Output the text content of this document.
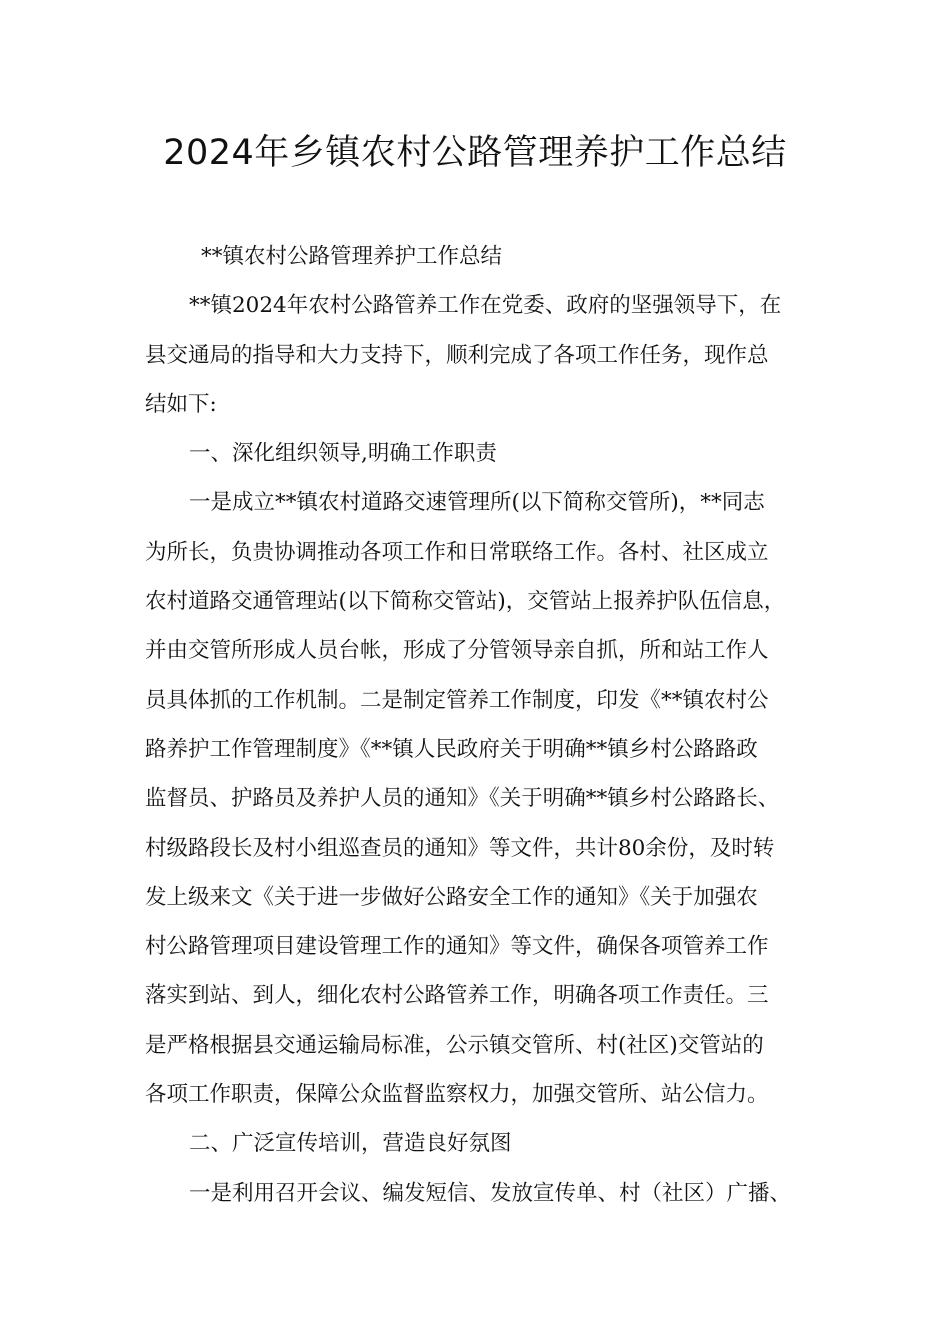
2024年乡镇农村公路管理养护工作总结
**镇农村公路管理养护工作总结
**镇2024年农村公路管养工作在党委、政府的坚强领导下，在
县交通局的指导和大力支持下，顺利完成了各项工作任务，现作总
结如下:
一、深化组织领导,明确工作职责
一是成立**镇农村道路交速管理所(以下简称交管所)，**同志
为所长，负贵协调推动各项工作和日常联络工作。各村、社区成立
农村道路交通管理站(以下简称交管站)，交管站上报养护队伍信息，
并由交管所形成人员台帐，形成了分管领导亲自抓，所和站工作人
员具体抓的工作机制。二是制定管养工作制度，印发《**镇农村公
路养护工作管理制度》《**镇人民政府关于明确**镇乡村公路路政
监督员、护路员及养护人员的通知》《关于明确**镇乡村公路路长、
村级路段长及村小组巡查员的通知》等文件，共计80余份，及时转
发上级来文《关于进一步做好公路安全工作的通知》《关于加强农
村公路管理项目建设管理工作的通知》等文件，确保各项管养工作
落实到站、到人，细化农村公路管养工作，明确各项工作责任。三
是严格根据县交通运输局标准，公示镇交管所、村(社区)交管站的
各项工作职责，保障公众监督监察权力，加强交管所、站公信力。
二、广泛宣传培训，营造良好氛图
一是利用召开会议、编发短信、发放宣传单、村（社区）广播、
